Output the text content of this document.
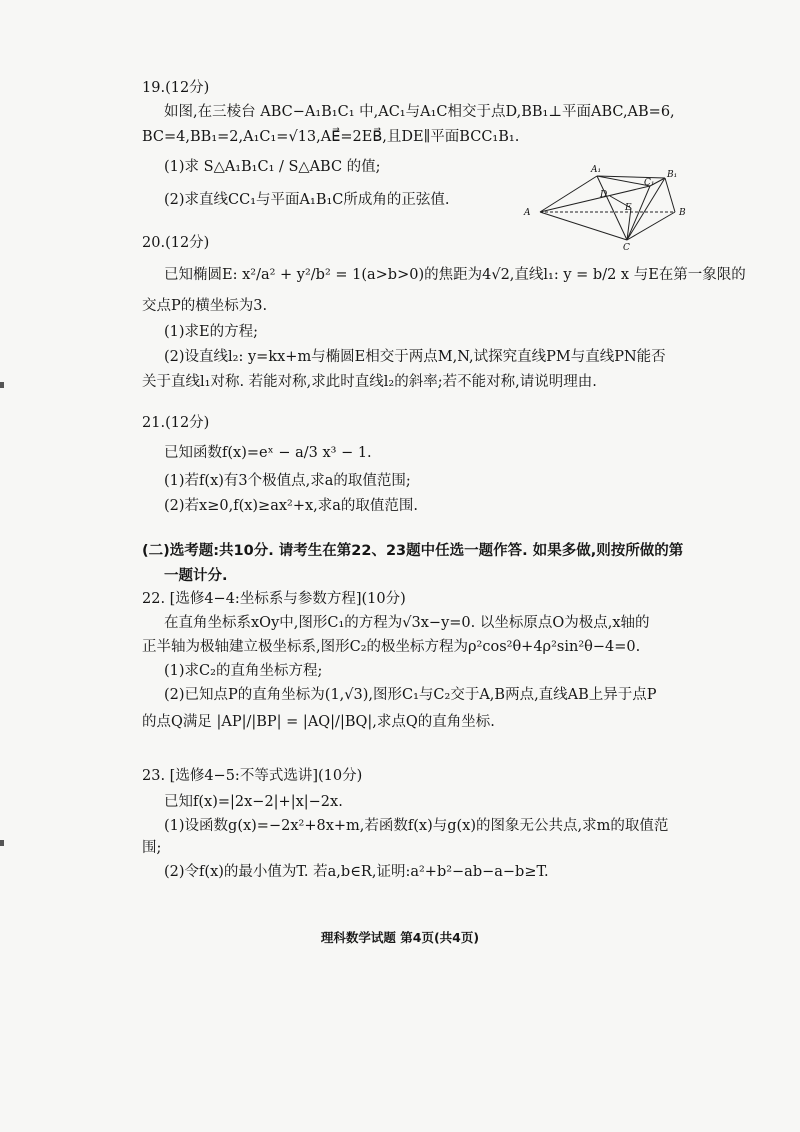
19.(12分)
如图,在三棱台 ABC−A₁B₁C₁ 中,AC₁与A₁C相交于点D,BB₁⊥平面ABC,AB=6,
BC=4,BB₁=2,A₁C₁=√13,AE⃗=2EB⃗,且DE∥平面BCC₁B₁.
(1)求 S△A₁B₁C₁ / S△ABC 的值;
(2)求直线CC₁与平面A₁B₁C所成角的正弦值.
A₁	B₁
C₁
D
E
A	B
C
20.(12分)
已知椭圆E: x²/a² + y²/b² = 1(a>b>0)的焦距为4√2,直线l₁: y = b/2 x 与E在第一象限的
交点P的横坐标为3.
(1)求E的方程;
(2)设直线l₂: y=kx+m与椭圆E相交于两点M,N,试探究直线PM与直线PN能否
关于直线l₁对称. 若能对称,求此时直线l₂的斜率;若不能对称,请说明理由.
21.(12分)
已知函数f(x)=eˣ − a/3 x³ − 1.
(1)若f(x)有3个极值点,求a的取值范围;
(2)若x≥0,f(x)≥ax²+x,求a的取值范围.
(二)选考题:共10分. 请考生在第22、23题中任选一题作答. 如果多做,则按所做的第
一题计分.
22. [选修4−4:坐标系与参数方程](10分)
在直角坐标系xOy中,图形C₁的方程为√3x−y=0. 以坐标原点O为极点,x轴的
正半轴为极轴建立极坐标系,图形C₂的极坐标方程为ρ²cos²θ+4ρ²sin²θ−4=0.
(1)求C₂的直角坐标方程;
(2)已知点P的直角坐标为(1,√3),图形C₁与C₂交于A,B两点,直线AB上异于点P
的点Q满足 |AP|/|BP| = |AQ|/|BQ|,求点Q的直角坐标.
23. [选修4−5:不等式选讲](10分)
已知f(x)=|2x−2|+|x|−2x.
(1)设函数g(x)=−2x²+8x+m,若函数f(x)与g(x)的图象无公共点,求m的取值范
围;
(2)令f(x)的最小值为T. 若a,b∈R,证明:a²+b²−ab−a−b≥T.
理科数学试题 第4页(共4页)
